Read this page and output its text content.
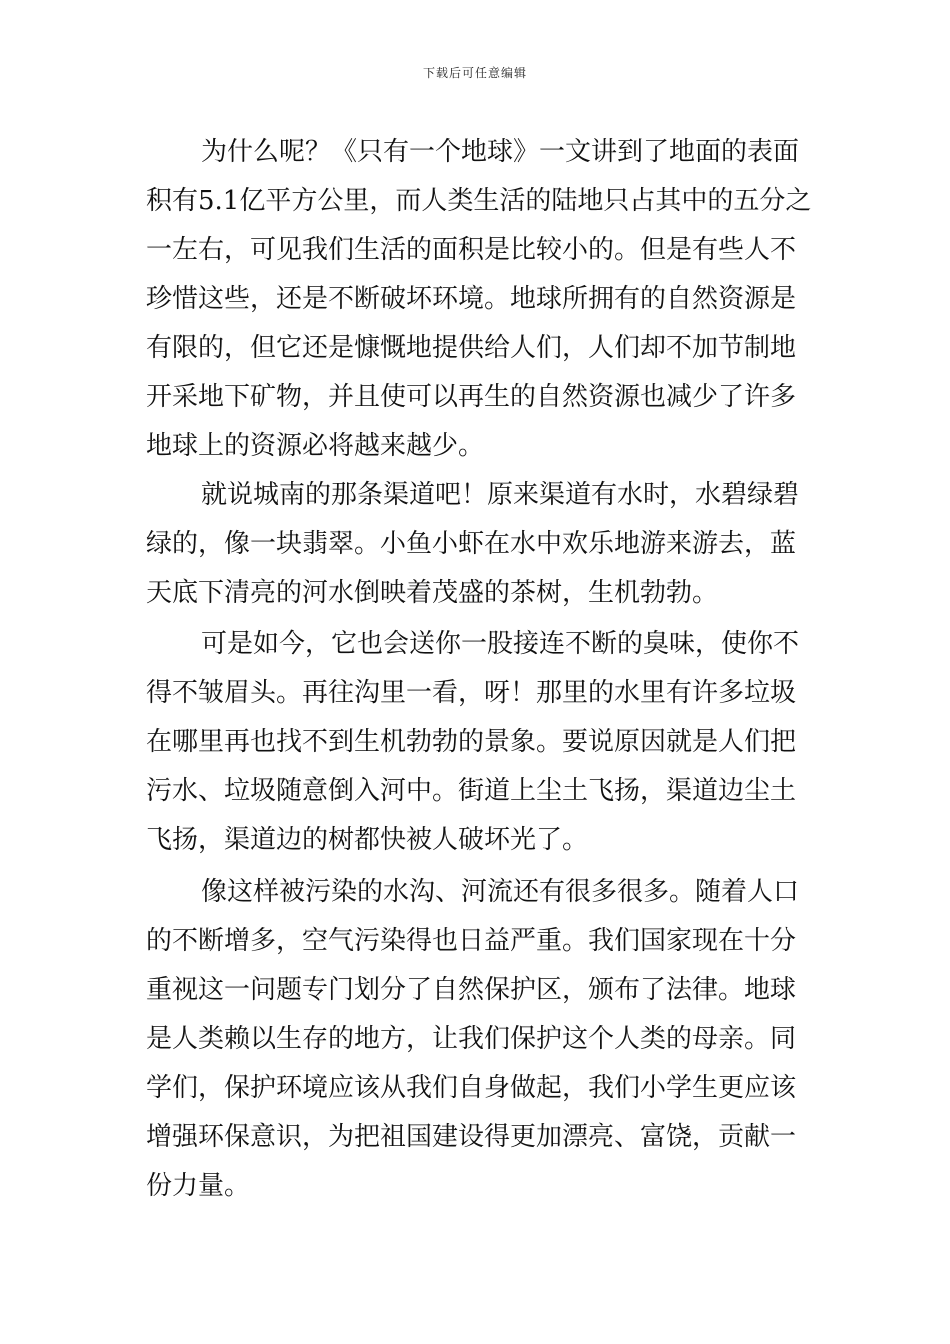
下载后可任意编辑
为什么呢？《只有一个地球》一文讲到了地面的表面
积有5.1亿平方公里，而人类生活的陆地只占其中的五分之
一左右，可见我们生活的面积是比较小的。但是有些人不
珍惜这些，还是不断破坏环境。地球所拥有的自然资源是
有限的，但它还是慷慨地提供给人们，人们却不加节制地
开采地下矿物，并且使可以再生的自然资源也减少了许多
地球上的资源必将越来越少。
就说城南的那条渠道吧！原来渠道有水时，水碧绿碧
绿的，像一块翡翠。小鱼小虾在水中欢乐地游来游去，蓝
天底下清亮的河水倒映着茂盛的茶树，生机勃勃。
可是如今，它也会送你一股接连不断的臭味，使你不
得不皱眉头。再往沟里一看，呀！那里的水里有许多垃圾
在哪里再也找不到生机勃勃的景象。要说原因就是人们把
污水、垃圾随意倒入河中。街道上尘土飞扬，渠道边尘土
飞扬，渠道边的树都快被人破坏光了。
像这样被污染的水沟、河流还有很多很多。随着人口
的不断增多，空气污染得也日益严重。我们国家现在十分
重视这一问题专门划分了自然保护区，颁布了法律。地球
是人类赖以生存的地方，让我们保护这个人类的母亲。同
学们，保护环境应该从我们自身做起，我们小学生更应该
增强环保意识，为把祖国建设得更加漂亮、富饶，贡献一
份力量。
